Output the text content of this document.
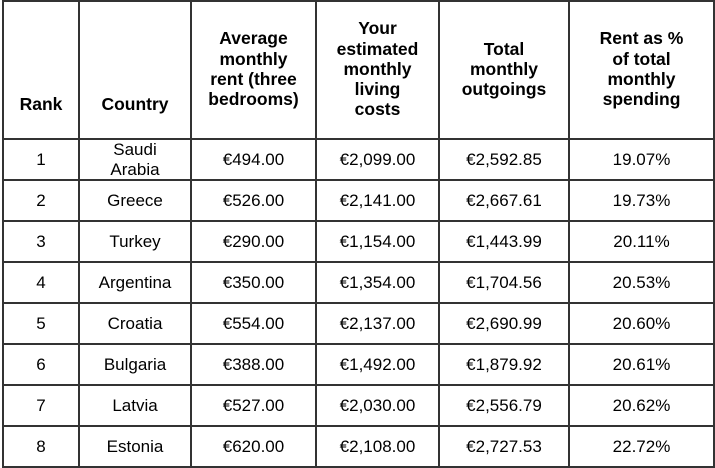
Rank	Country	Average
monthly
rent (three
bedrooms)	Your
estimated
monthly
living
costs	Total
monthly
outgoings	Rent as %
of total
monthly
spending
1	Saudi
Arabia	€494.00	€2,099.00	€2,592.85	19.07%
2	Greece	€526.00	€2,141.00	€2,667.61	19.73%
3	Turkey	€290.00	€1,154.00	€1,443.99	20.11%
4	Argentina	€350.00	€1,354.00	€1,704.56	20.53%
5	Croatia	€554.00	€2,137.00	€2,690.99	20.60%
6	Bulgaria	€388.00	€1,492.00	€1,879.92	20.61%
7	Latvia	€527.00	€2,030.00	€2,556.79	20.62%
8	Estonia	€620.00	€2,108.00	€2,727.53	22.72%
